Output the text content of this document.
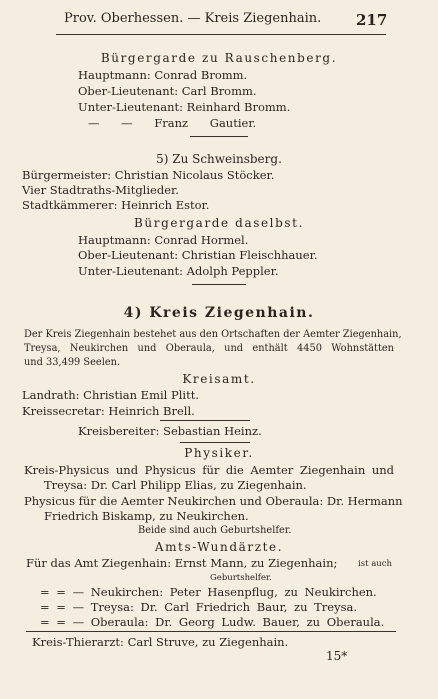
Prov. Oberhessen. — Kreis Ziegenhain. 217
Bürgergarde zu Rauschenberg.
Hauptmann: Conrad Bromm.
Ober-Lieutenant: Carl Bromm.
Unter-Lieutenant: Reinhard Bromm.
— — Franz Gautier.
5) Zu Schweinsberg.
Bürgermeister: Christian Nicolaus Stöcker.
Vier Stadtraths-Mitglieder.
Stadtkämmerer: Heinrich Estor.
Bürgergarde daselbst.
Hauptmann: Conrad Hormel.
Ober-Lieutenant: Christian Fleischhauer.
Unter-Lieutenant: Adolph Peppler.
4) Kreis Ziegenhain.
Der Kreis Ziegenhain bestehet aus den Ortschaften der Aemter Ziegenhain,
Treysa, Neukirchen und Oberaula, und enthält 4450 Wohnstätten
und 33,499 Seelen.
Kreisamt.
Landrath: Christian Emil Plitt.
Kreissecretar: Heinrich Brell.
Kreisbereiter: Sebastian Heinz.
Physiker.
Kreis-Physicus und Physicus für die Aemter Ziegenhain und
Treysa: Dr. Carl Philipp Elias, zu Ziegenhain.
Physicus für die Aemter Neukirchen und Oberaula: Dr. Hermann
Friedrich Biskamp, zu Neukirchen.
Beide sind auch Geburtshelfer.
Amts-Wundärzte.
Für das Amt Ziegenhain: Ernst Mann, zu Ziegenhain; ist auch
Geburtshelfer.
= = — Neukirchen: Peter Hasenpflug, zu Neukirchen.
= = — Treysa: Dr. Carl Friedrich Baur, zu Treysa.
= = — Oberaula: Dr. Georg Ludw. Bauer, zu Oberaula.
Kreis-Thierarzt: Carl Struve, zu Ziegenhain.
15*
